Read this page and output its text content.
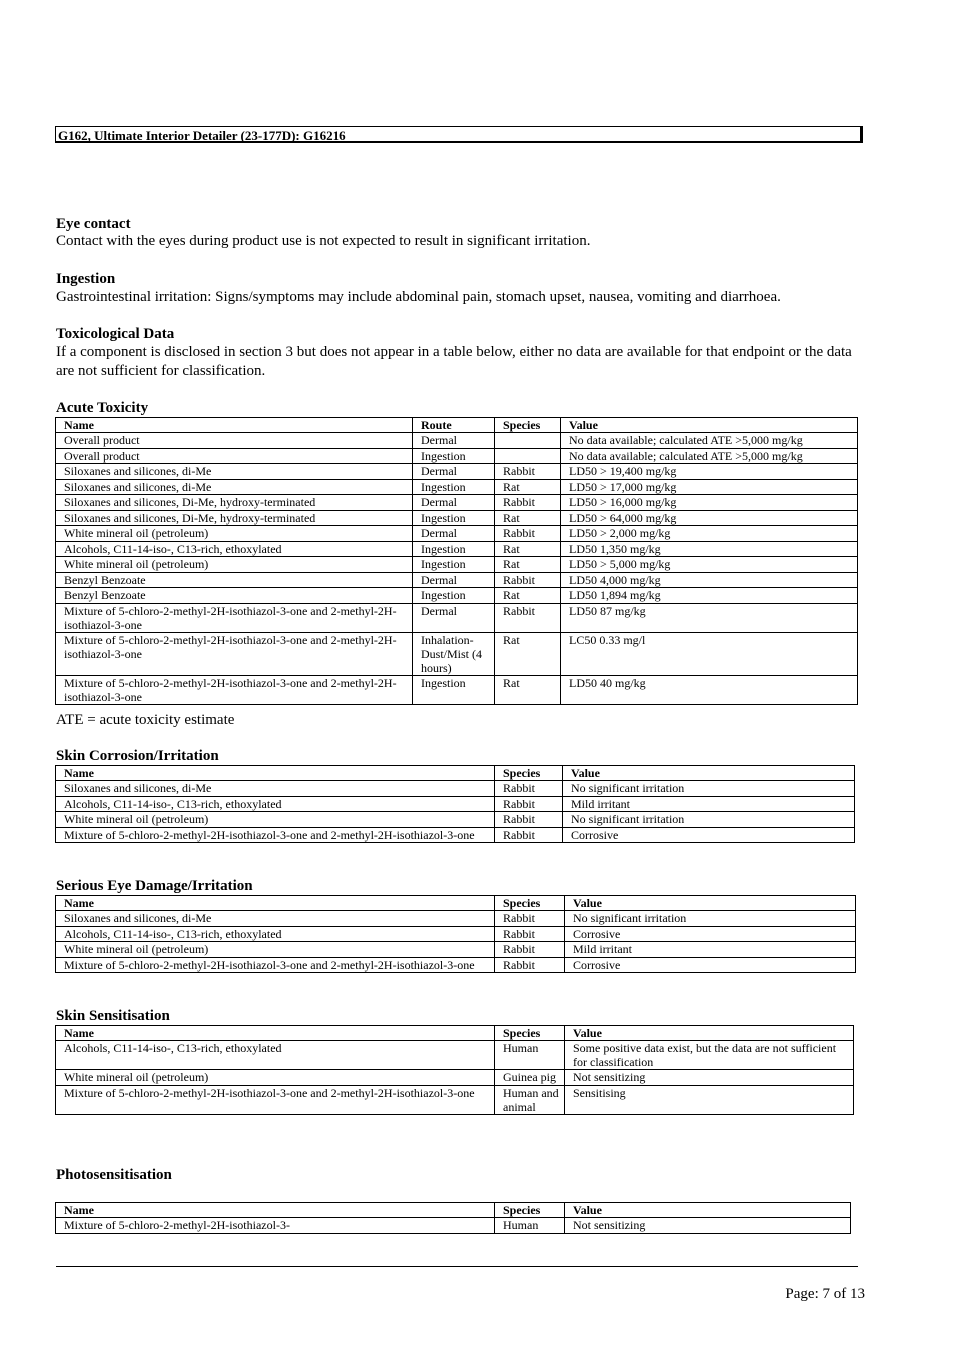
G162, Ultimate Interior Detailer (23-177D): G16216
Eye contact
Contact with the eyes during product use is not expected to result in significant irritation.
Ingestion
Gastrointestinal irritation: Signs/symptoms may include abdominal pain, stomach upset, nausea, vomiting and diarrhoea.
Toxicological Data
If a component is disclosed in section 3 but does not appear in a table below, either no data are available for that endpoint or the data are not sufficient for classification.
Acute Toxicity
Name	Route	Species	Value
Overall product	Dermal		No data available; calculated ATE >5,000 mg/kg
Overall product	Ingestion		No data available; calculated ATE >5,000 mg/kg
Siloxanes and silicones, di-Me	Dermal	Rabbit	LD50 > 19,400 mg/kg
Siloxanes and silicones, di-Me	Ingestion	Rat	LD50 > 17,000 mg/kg
Siloxanes and silicones, Di-Me, hydroxy-terminated	Dermal	Rabbit	LD50 > 16,000 mg/kg
Siloxanes and silicones, Di-Me, hydroxy-terminated	Ingestion	Rat	LD50 > 64,000 mg/kg
White mineral oil (petroleum)	Dermal	Rabbit	LD50 > 2,000 mg/kg
Alcohols, C11-14-iso-, C13-rich, ethoxylated	Ingestion	Rat	LD50 1,350 mg/kg
White mineral oil (petroleum)	Ingestion	Rat	LD50 > 5,000 mg/kg
Benzyl Benzoate	Dermal	Rabbit	LD50 4,000 mg/kg
Benzyl Benzoate	Ingestion	Rat	LD50 1,894 mg/kg
Mixture of 5-chloro-2-methyl-2H-isothiazol-3-one and 2-methyl-2H-isothiazol-3-one	Dermal	Rabbit	LD50 87 mg/kg
Mixture of 5-chloro-2-methyl-2H-isothiazol-3-one and 2-methyl-2H-isothiazol-3-one	Inhalation-Dust/Mist (4 hours)	Rat	LC50 0.33 mg/l
Mixture of 5-chloro-2-methyl-2H-isothiazol-3-one and 2-methyl-2H-isothiazol-3-one	Ingestion	Rat	LD50 40 mg/kg
ATE = acute toxicity estimate
Skin Corrosion/Irritation
Name	Species	Value
Siloxanes and silicones, di-Me	Rabbit	No significant irritation
Alcohols, C11-14-iso-, C13-rich, ethoxylated	Rabbit	Mild irritant
White mineral oil (petroleum)	Rabbit	No significant irritation
Mixture of 5-chloro-2-methyl-2H-isothiazol-3-one and 2-methyl-2H-isothiazol-3-one	Rabbit	Corrosive
Serious Eye Damage/Irritation
Name	Species	Value
Siloxanes and silicones, di-Me	Rabbit	No significant irritation
Alcohols, C11-14-iso-, C13-rich, ethoxylated	Rabbit	Corrosive
White mineral oil (petroleum)	Rabbit	Mild irritant
Mixture of 5-chloro-2-methyl-2H-isothiazol-3-one and 2-methyl-2H-isothiazol-3-one	Rabbit	Corrosive
Skin Sensitisation
Name	Species	Value
Alcohols, C11-14-iso-, C13-rich, ethoxylated	Human	Some positive data exist, but the data are not sufficient for classification
White mineral oil (petroleum)	Guinea pig	Not sensitizing
Mixture of 5-chloro-2-methyl-2H-isothiazol-3-one and 2-methyl-2H-isothiazol-3-one	Human and animal	Sensitising
Photosensitisation
Name	Species	Value
Mixture of 5-chloro-2-methyl-2H-isothiazol-3-	Human	Not sensitizing
Page: 7 of 13
